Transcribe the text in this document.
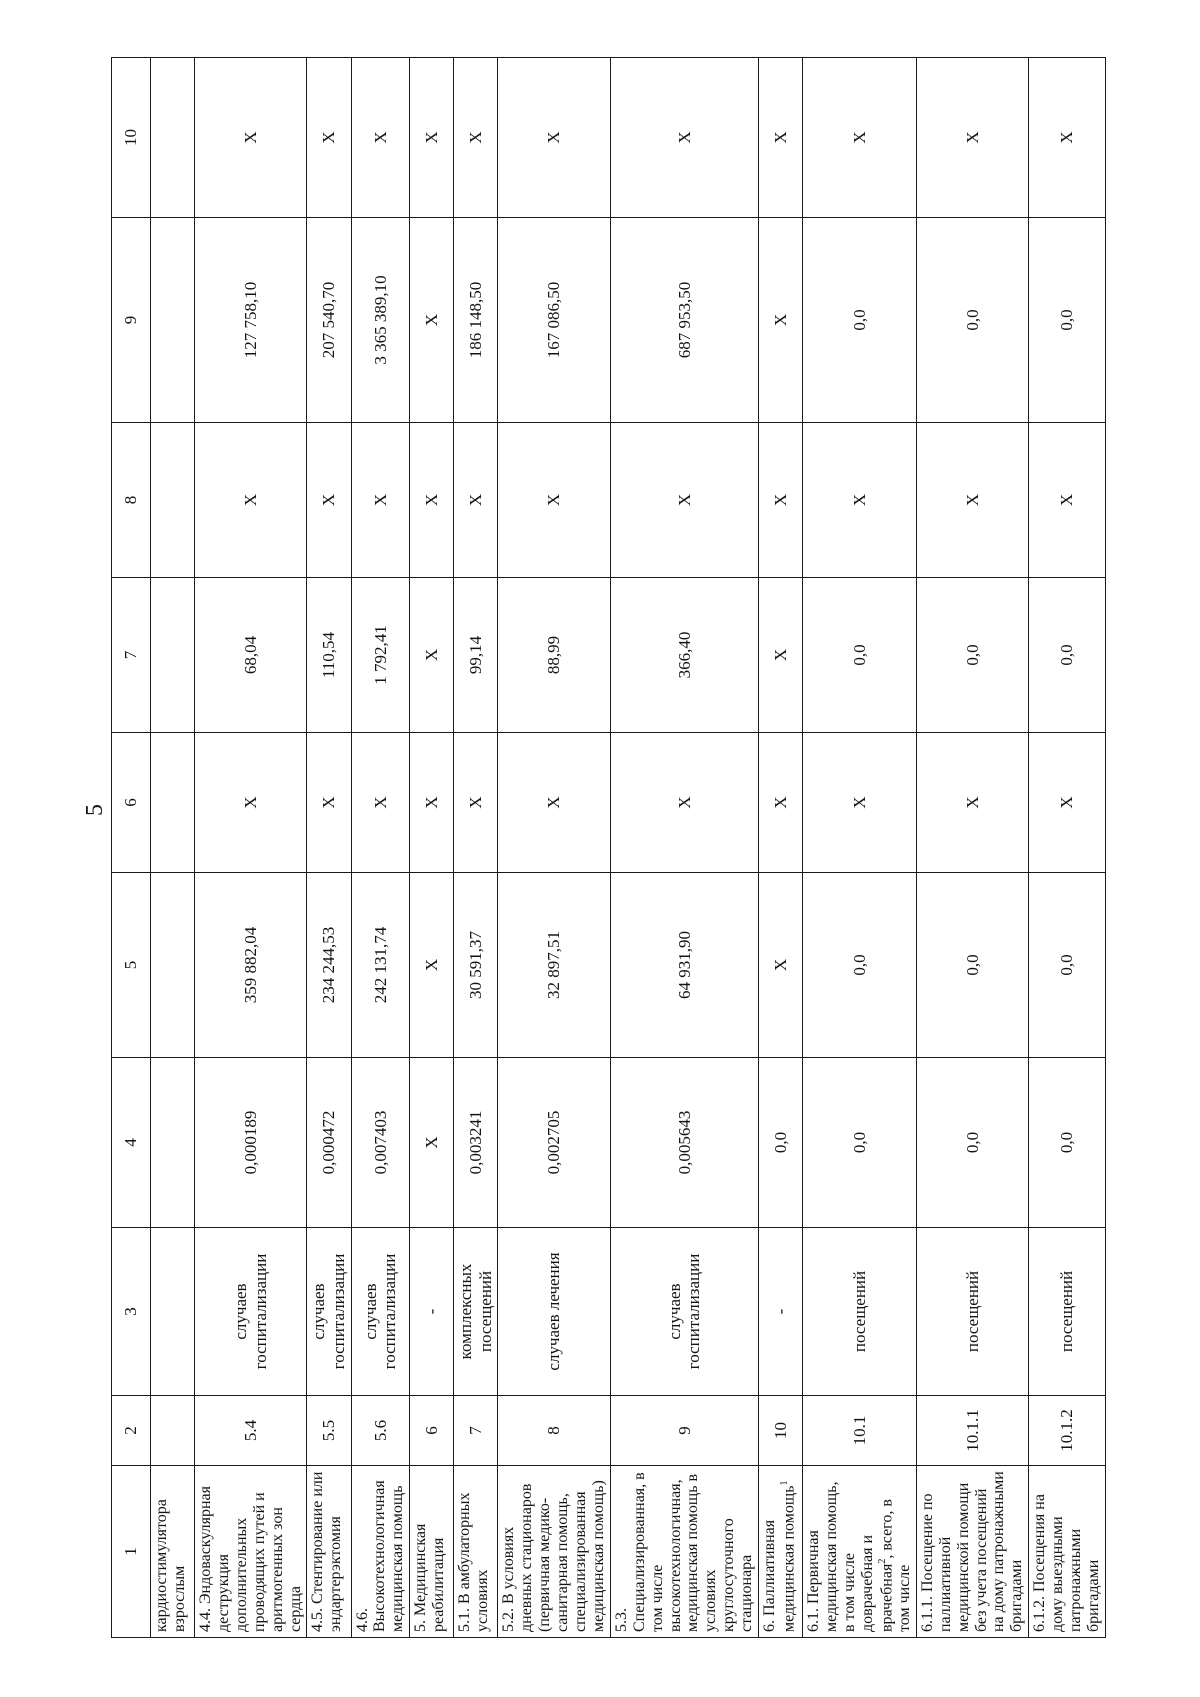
5
1	2	3	4	5	6	7	8	9	10
кардиостимулятора взрослым									
4.4. Эндоваскулярная деструкция дополнительных проводящих путей и аритмогенных зон сердца	5.4	случаев госпитализации	0,000189	359 882,04	X	68,04	X	127 758,10	X
4.5. Стентирование или эндартерэктомия	5.5	случаев госпитализации	0,000472	234 244,53	X	110,54	X	207 540,70	X
4.6. Высокотехнологичная медицинская помощь	5.6	случаев госпитализации	0,007403	242 131,74	X	1 792,41	X	3 365 389,10	X
5. Медицинская реабилитация	6	-	X	X	X	X	X	X	X
5.1. В амбулаторных условиях	7	комплексных посещений	0,003241	30 591,37	X	99,14	X	186 148,50	X
5.2. В условиях дневных стационаров (первичная медико-санитарная помощь, специализированная медицинская помощь)	8	случаев лечения	0,002705	32 897,51	X	88,99	X	167 086,50	X
5.3. Специализированная, в том числе высокотехнологичная, медицинская помощь в условиях круглосуточного стационара	9	случаев госпитализации	0,005643	64 931,90	X	366,40	X	687 953,50	X
6. Паллиативная медицинская помощь$^1$	10	-	0,0	X	X	X	X	X	X
6.1. Первичная медицинская помощь, в том числе доврачебная и врачебная$^2$, всего, в том числе	10.1	посещений	0,0	0,0	X	0,0	X	0,0	X
6.1.1. Посещение по паллиативной медицинской помощи без учета посещений на дому патронажными бригадами	10.1.1	посещений	0,0	0,0	X	0,0	X	0,0	X
6.1.2. Посещения на дому выездными патронажными бригадами	10.1.2	посещений	0,0	0,0	X	0,0	X	0,0	X
